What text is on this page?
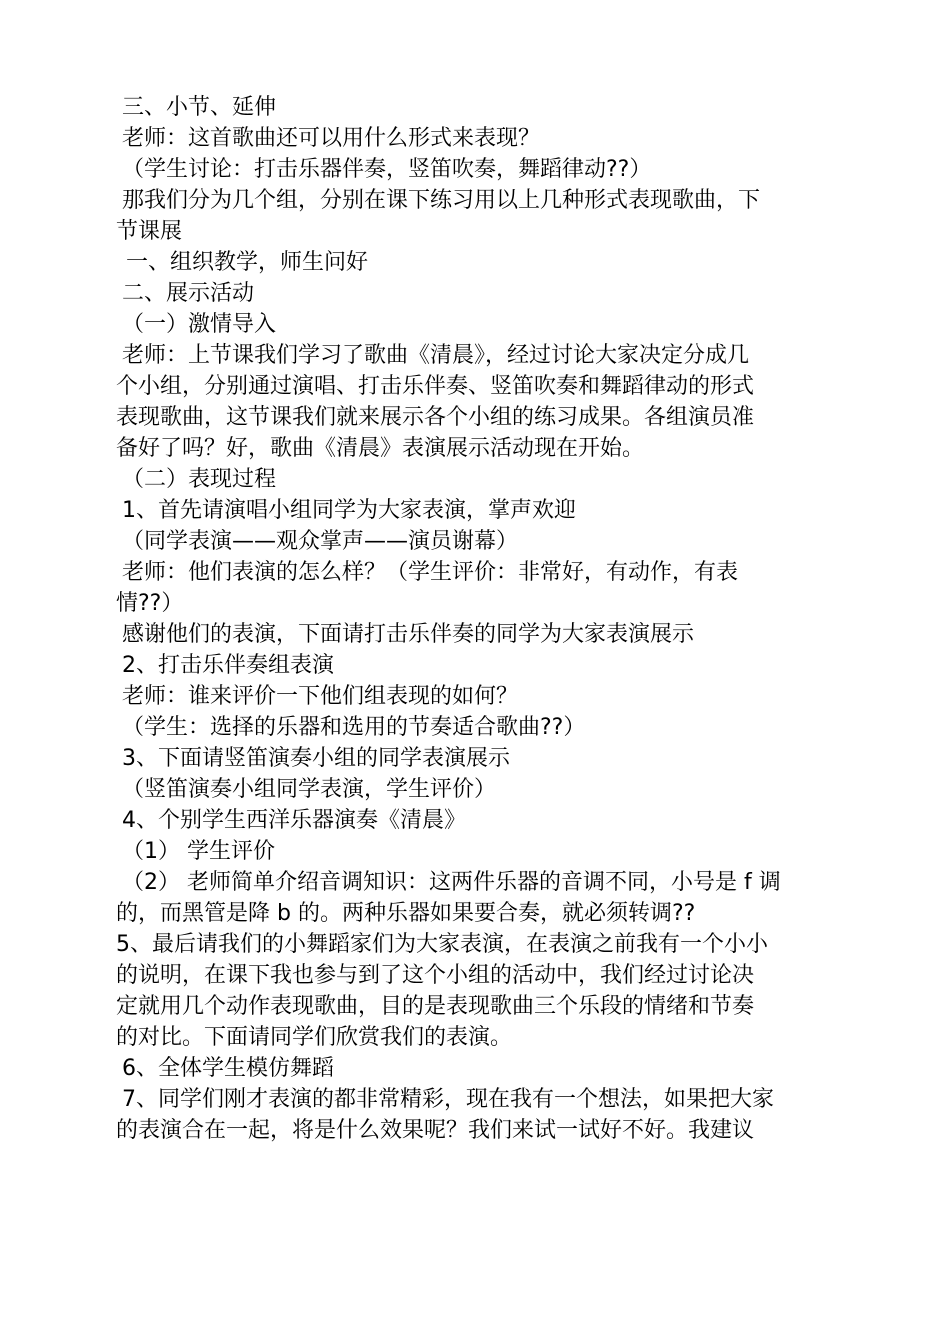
三、小节、延伸
老师：这首歌曲还可以用什么形式来表现？
（学生讨论：打击乐器伴奏，竖笛吹奏，舞蹈律动??）
那我们分为几个组，分别在课下练习用以上几种形式表现歌曲，下
节课展
一、组织教学，师生问好
二、展示活动
（一）激情导入
老师：上节课我们学习了歌曲《清晨》，经过讨论大家决定分成几
个小组，分别通过演唱、打击乐伴奏、竖笛吹奏和舞蹈律动的形式
表现歌曲，这节课我们就来展示各个小组的练习成果。各组演员准
备好了吗？好，歌曲《清晨》表演展示活动现在开始。
（二）表现过程
1、首先请演唱小组同学为大家表演，掌声欢迎
（同学表演——观众掌声——演员谢幕）
老师：他们表演的怎么样？（学生评价：非常好，有动作，有表
情??）
感谢他们的表演，下面请打击乐伴奏的同学为大家表演展示
2、打击乐伴奏组表演
老师：谁来评价一下他们组表现的如何？
（学生：选择的乐器和选用的节奏适合歌曲??）
3、下面请竖笛演奏小组的同学表演展示
（竖笛演奏小组同学表演，学生评价）
4、个别学生西洋乐器演奏《清晨》
（1） 学生评价
（2） 老师简单介绍音调知识：这两件乐器的音调不同，小号是 f 调
的，而黑管是降 b 的。两种乐器如果要合奏，就必须转调??
5、最后请我们的小舞蹈家们为大家表演，在表演之前我有一个小小
的说明，在课下我也参与到了这个小组的活动中，我们经过讨论决
定就用几个动作表现歌曲，目的是表现歌曲三个乐段的情绪和节奏
的对比。下面请同学们欣赏我们的表演。
6、全体学生模仿舞蹈
7、同学们刚才表演的都非常精彩，现在我有一个想法，如果把大家
的表演合在一起，将是什么效果呢？我们来试一试好不好。我建议
